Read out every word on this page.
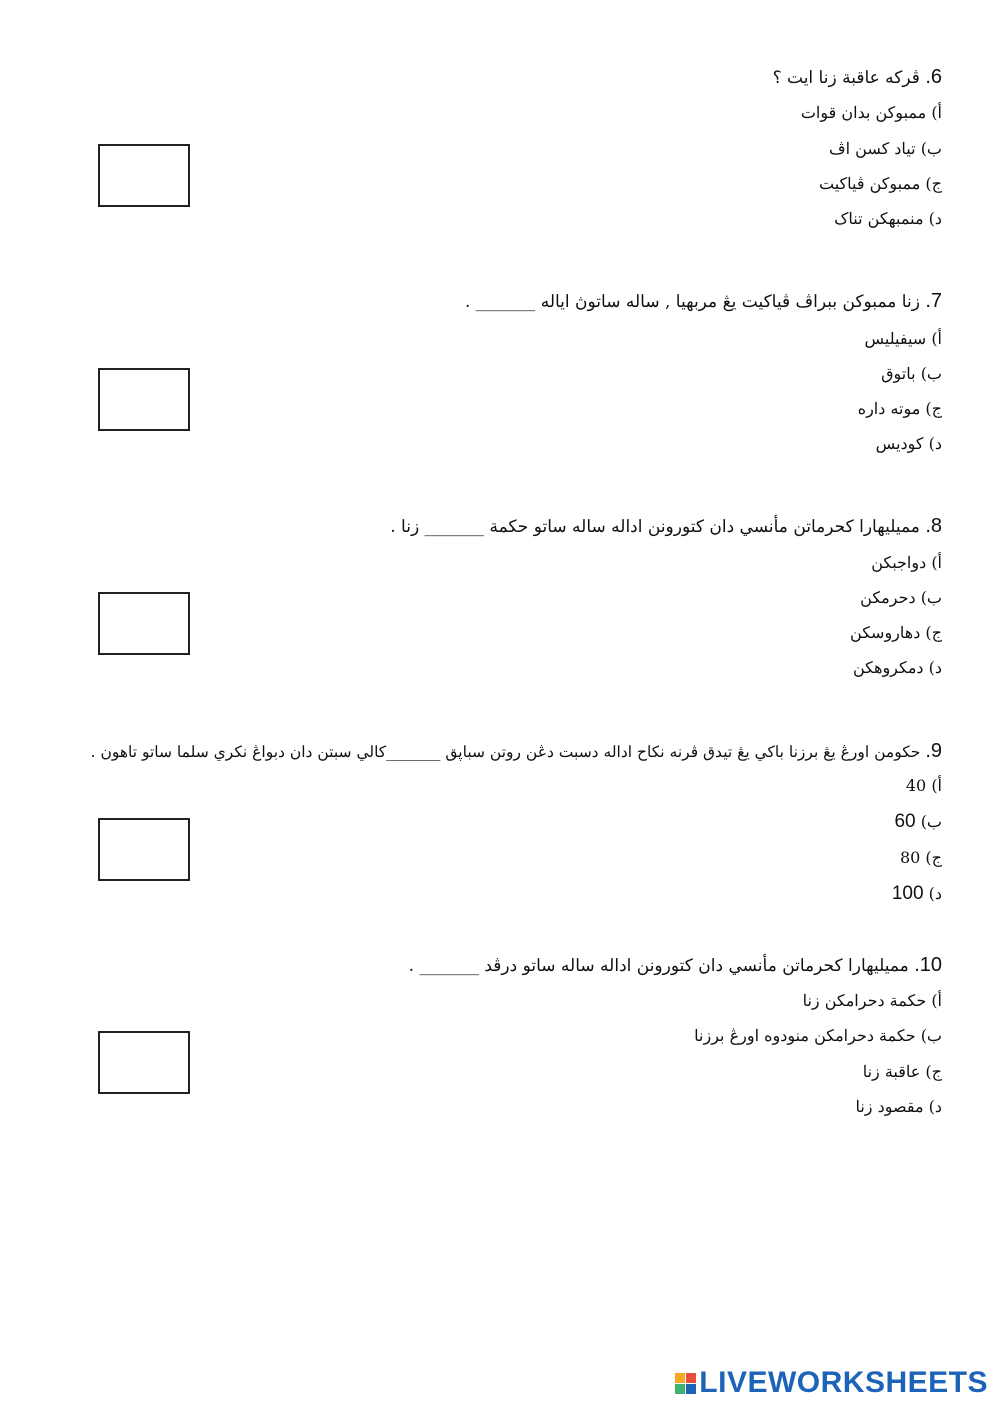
6. ڤرکه عاقبة زنا ايت ؟
أ) ممبوکن بدان قوات
ب) تياد کسن اڤ
ج) ممبوکن ڤياکيت
د) منمبهکن تناک
7. زنا ممبوکن ببراڤ ڤياکيت يڠ مربهيا , ساله ساتوڽ اياله _______ .
أ) سيفيليس
ب) باتوق
ج) موته داره
د) کوديس
8. مميليهارا کحرماتن مأنسي دان کتورونن اداله ساله ساتو حکمة _______ زنا .
أ) دواجبکن
ب) دحرمکن
ج) دهاروسکن
د) دمکروهکن
9. حکومن اورڠ يڠ برزنا باکي يڠ تيدق ڤرنه نکاح اداله دسبت دڠن روتن سباڽق _______کالي سبتن دان دبواڠ نکري سلما ساتو تاهون .
أ) 40
ب) 60
ج) 80
د) 100
10. مميليهارا کحرماتن مأنسي دان کتورونن اداله ساله ساتو درڤد _______ .
أ) حکمة دحرامکن زنا
ب) حکمة دحرامکن منودوه اورڠ برزنا
ج) عاقبة زنا
د) مقصود زنا
LIVEWORKSHEETS
